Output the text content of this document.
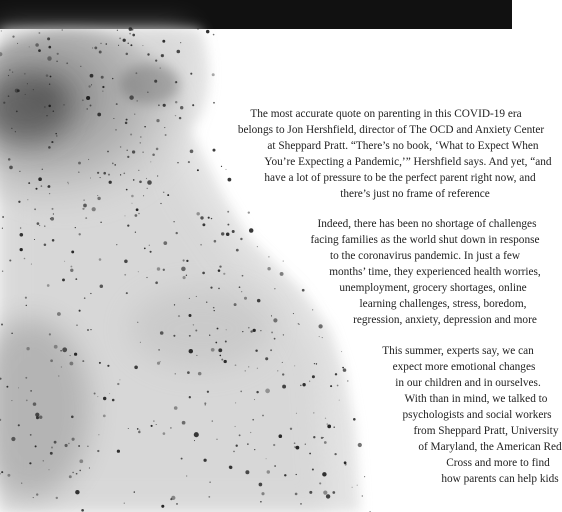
The most accurate quote on parenting in this COVID-19 era
belongs to Jon Hershfield, director of The OCD and Anxiety Center
at Sheppard Pratt. “There’s no book, ‘What to Expect When
You’re Expecting a Pandemic,’” Hershfield says. And yet, “and
have a lot of pressure to be the perfect parent right now, and
there’s just no frame of reference
Indeed, there has been no shortage of challenges
facing families as the world shut down in response
to the coronavirus pandemic. In just a few
months’ time, they experienced health worries,
unemployment, grocery shortages, online
learning challenges, stress, boredom,
regression, anxiety, depression and more
This summer, experts say, we can
expect more emotional changes
in our children and in ourselves.
With than in mind, we talked to
psychologists and social workers
from Sheppard Pratt, University
of Maryland, the American Red
Cross and more to find
how parents can help kids
